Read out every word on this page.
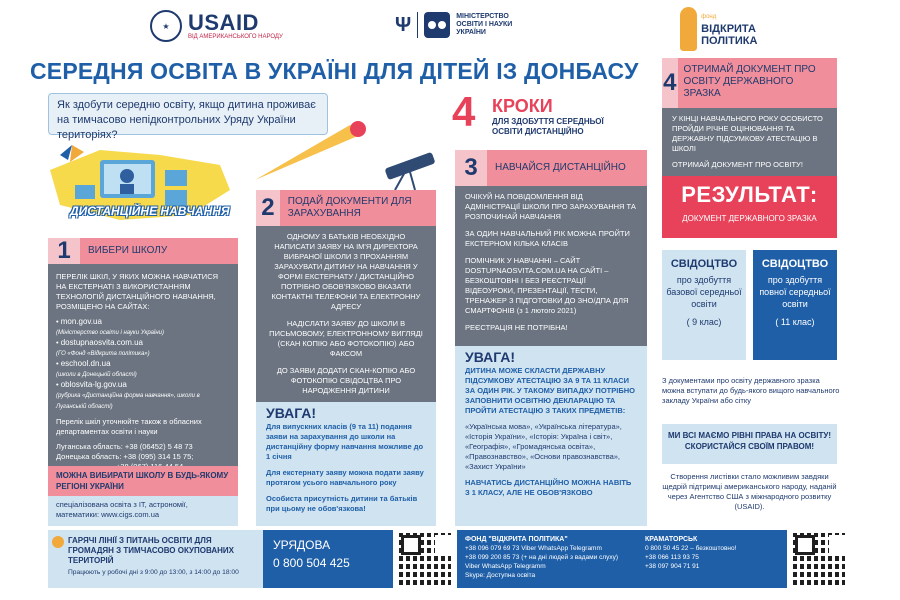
★ USAID
ВІД АМЕРИКАНСЬКОГО НАРОДУ
Ψ	МІНІСТЕРСТВО ОСВІТИ І НАУКИ УКРАЇНИ
фонд
ВІДКРИТА ПОЛІТИКА
СЕРЕДНЯ ОСВІТА В УКРАЇНІ ДЛЯ ДІТЕЙ ІЗ ДОНБАСУ
Як здобути середню освіту, якщо дитина проживає на тимчасово непідконтрольних Уряду України територіях?
ДИСТАНЦІЙНЕ НАВЧАННЯ
4 КРОКИ
ДЛЯ ЗДОБУТТЯ СЕРЕДНЬОЇ ОСВІТИ ДИСТАНЦІЙНО
1	ВИБЕРИ ШКОЛУ

ПЕРЕЛІК ШКІЛ, У ЯКИХ МОЖНА НАВЧАТИСЯ НА ЕКСТЕРНАТІ З ВИКОРИСТАННЯМ ТЕХНОЛОГІЙ ДИСТАНЦІЙНОГО НАВЧАННЯ, РОЗМІЩЕНО НА САЙТАХ:

• mon.gov.ua
(Міністерство освіти і науки України)
• dostupnaosvita.com.ua
(ГО «Фонд «Відкрита політика»)
• eschool.dn.ua
(школи в Донецькій області)
• oblosvita-lg.gov.ua
(рубрика «Дистанційна форма навчання», школи в Луганській області)

Перелік шкіл уточнюйте також в обласних департаментах освіти і науки

Луганська область: +38 (06452) 5 48 73
Донецька область: +38 (095) 314 15 75;
МОЖНА ВИБИРАТИ ШКОЛУ В БУДЬ-ЯКОМУ РЕГІОНІ УКРАЇНИ
спеціалізована освіта з IT, астрономії, математики: www.cigs.com.ua
2	ПОДАЙ ДОКУМЕНТИ ДЛЯ ЗАРАХУВАННЯ

ОДНОМУ З БАТЬКІВ НЕОБХІДНО НАПИСАТИ ЗАЯВУ НА ІМ'Я ДИРЕКТОРА ВИБРАНОЇ ШКОЛИ З ПРОХАННЯМ ЗАРАХУВАТИ ДИТИНУ НА НАВЧАННЯ У ФОРМІ ЕКСТЕРНАТУ / ДИСТАНЦІЙНО ПОТРІБНО ОБОВ'ЯЗКОВО ВКАЗАТИ КОНТАКТНІ ТЕЛЕФОНИ ТА ЕЛЕКТРОННУ АДРЕСУ

НАДІСЛАТИ ЗАЯВУ ДО ШКОЛИ В ПИСЬМОВОМУ, ЕЛЕКТРОННОМУ ВИГЛЯДІ (СКАН КОПІЮ АБО ФОТОКОПІЮ) АБО ФАКСОМ

ДО ЗАЯВИ ДОДАТИ СКАН-КОПІЮ АБО ФОТОКОПІЮ СВІДОЦТВА ПРО НАРОДЖЕННЯ ДИТИНИ

УВАГА!

Для випускних класів (9 та 11) подання заяви на зарахування до школи на дистанційну форму навчання можливе до 1 січня

Для екстернату заяву можна подати заяву протягом усього навчального року

Особиста присутність дитини та батьків при цьому не обов'язкова!

3	НАВЧАЙСЯ ДИСТАНЦІЙНО

ОЧІКУЙ НА ПОВІДОМЛЕННЯ ВІД АДМІНІСТРАЦІЇ ШКОЛИ ПРО ЗАРАХУВАННЯ ТА РОЗПОЧИНАЙ НАВЧАННЯ

ЗА ОДИН НАВЧАЛЬНИЙ РІК МОЖНА ПРОЙТИ ЕКСТЕРНОМ КІЛЬКА КЛАСІВ

ПОМІЧНИК У НАВЧАННІ – САЙТ DOSTUPNAOSVITA.COM.UA НА САЙТІ – БЕЗКОШТОВНІ І БЕЗ РЕЄСТРАЦІЇ ВІДЕОУРОКИ, ПРЕЗЕНТАЦІЇ, ТЕСТИ, ТРЕНАЖЕР З ПІДГОТОВКИ ДО ЗНО/ДПА ДЛЯ СМАРТФОНІВ (з 1 лютого 2021)

РЕЄСТРАЦІЯ НЕ ПОТРІБНА!

УВАГА!

ДИТИНА МОЖЕ СКЛАСТИ ДЕРЖАВНУ ПІДСУМКОВУ АТЕСТАЦІЮ ЗА 9 ТА 11 КЛАСИ ЗА ОДИН РІК. У ТАКОМУ ВИПАДКУ ПОТРІБНО ЗАПОВНИТИ ОСВІТНЮ ДЕКЛАРАЦІЮ ТА ПРОЙТИ АТЕСТАЦІЮ З ТАКИХ ПРЕДМЕТІВ:

«Українська мова», «Українська література», «Історія України», «Історія: Україна і світ», «Географія», «Громадянська освіта», «Правознавство», «Основи правознавства», «Захист України»

НАВЧАТИСЬ ДИСТАНЦІЙНО МОЖНА НАВІТЬ З 1 КЛАСУ, АЛЕ НЕ ОБОВ'ЯЗКОВО

4 ОТРИМАЙ ДОКУМЕНТ ПРО ОСВІТУ ДЕРЖАВНОГО ЗРАЗКА

У КІНЦІ НАВЧАЛЬНОГО РОКУ ОСОБИСТО ПРОЙДИ РІЧНЕ ОЦІНЮВАННЯ ТА ДЕРЖАВНУ ПІДСУМКОВУ АТЕСТАЦІЮ В ШКОЛІ

ОТРИМАЙ ДОКУМЕНТ ПРО ОСВІТУ!

РЕЗУЛЬТАТ:

ДОКУМЕНТ ДЕРЖАВНОГО ЗРАЗКА

СВІДОЦТВО
про здобуття базової середньої освіти
( 9 клас)
СВІДОЦТВО
про здобуття повної середньої освіти
( 11 клас)
З документами про освіту державного зразка можна вступати до будь-якого вищого навчального закладу України або сітку
МИ ВСІ МАЄМО РІВНІ ПРАВА НА ОСВІТУ! СКОРИСТАЙСЯ СВОЇМ ПРАВОМ!
Створення листівки стало можливим завдяки щедрій підтримці американського народу, наданій через Агентство США з міжнародного розвитку (USAID).
ГАРЯЧІ ЛІНІЇ З ПИТАНЬ ОСВІТИ ДЛЯ ГРОМАДЯН З ТИМЧАСОВО ОКУПОВАНИХ ТЕРИТОРІЙ
Працюють у робочі дні з 9:00 до 13:00, з 14:00 до 18:00
УРЯДОВА
0 800 504 425
ФОНД "ВІДКРИТА ПОЛІТИКА"
+38 096 079 69 73 Viber WhatsApp Telegramm
+38 099 200 85 73 (+ на дні людей з вадами слуху)
Viber WhatsApp Telegramm
Skype: Доступна освіта
КРАМАТОРСЬК
0 800 50 45 22 – безкоштовно!
+38 066 113 93 75
+38 097 904 71 91
